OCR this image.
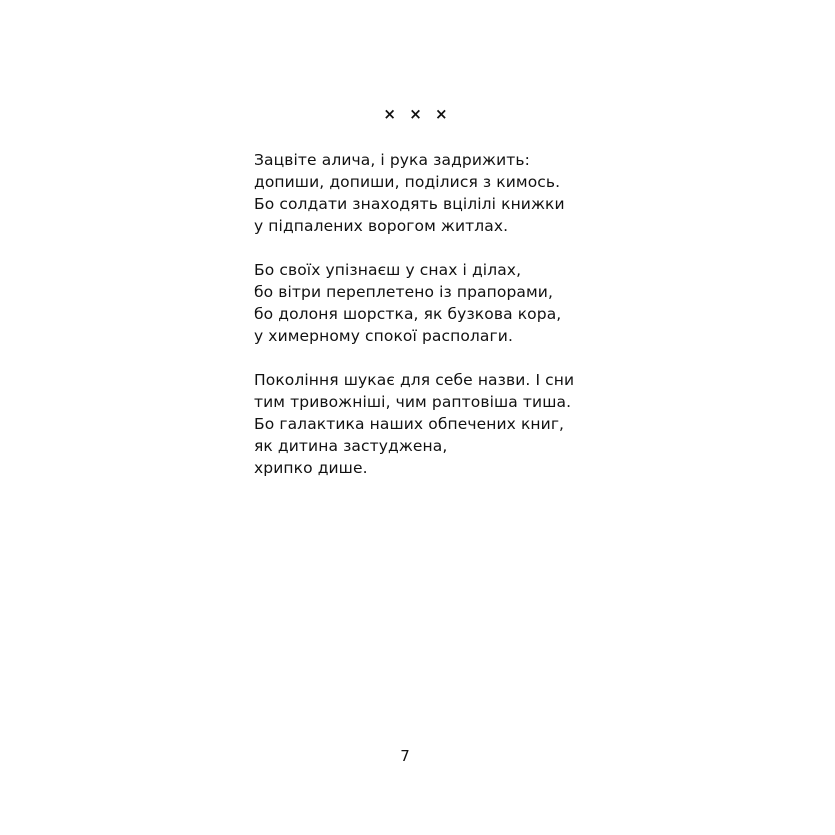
× × ×
Зацвіте алича, і рука задрижить:
допиши, допиши, поділися з кимось.
Бо солдати знаходять вцілілі книжки
у підпалених ворогом житлах.
Бо своїх упізнаєш у снах і ділах,
бо вітри переплетено із прапорами,
бо долоня шорстка, як бузкова кора,
у химерному спокої располаги.
Покоління шукає для себе назви. І сни
тим тривожніші, чим раптовіша тиша.
Бо галактика наших обпечених книг,
як дитина застуджена,
хрипко дише.
7
